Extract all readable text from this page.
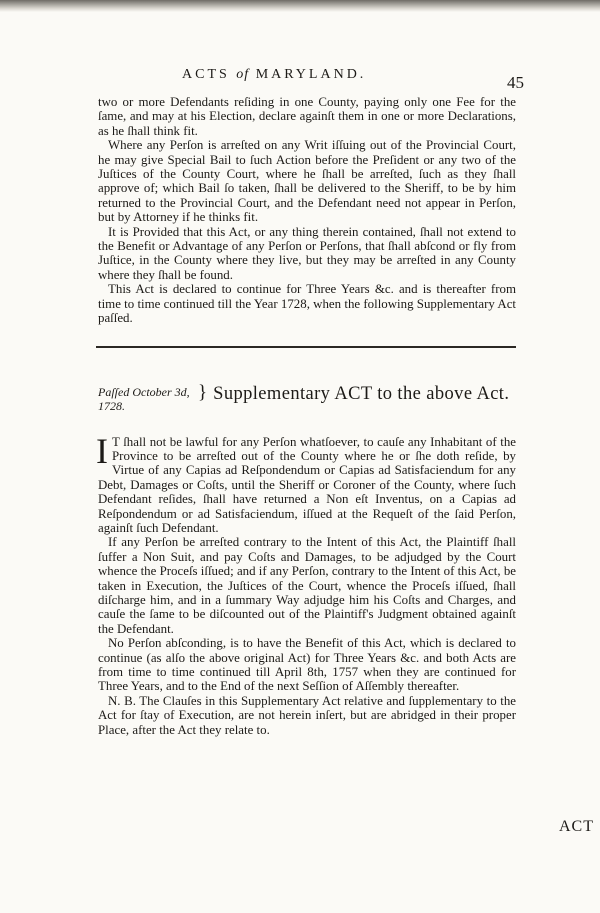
ACTS of MARYLAND.	45

two or more Defendants reſiding in one County, paying only one Fee for the ſame, and may at his Election, declare againſt them in one or more Declarations, as he ſhall think fit.

Where any Perſon is arreſted on any Writ iſſuing out of the Provincial Court, he may give Special Bail to ſuch Action before the Preſident or any two of the Juſtices of the County Court, where he ſhall be arreſted, ſuch as they ſhall approve of; which Bail ſo taken, ſhall be delivered to the Sheriff, to be by him returned to the Provincial Court, and the Defendant need not appear in Perſon, but by Attorney if he thinks fit.

It is Provided that this Act, or any thing therein contained, ſhall not extend to the Benefit or Advantage of any Perſon or Perſons, that ſhall abſcond or fly from Juſtice, in the County where they live, but they may be arreſted in any County where they ſhall be found.

This Act is declared to continue for Three Years &c. and is thereafter from time to time continued till the Year 1728, when the following Supplementary Act paſſed.

Paſſed October 3d, 1728.
} Supplementary ACT to the above Act.

I T ſhall not be lawful for any Perſon whatſoever, to cauſe any Inhabitant of the Province to be arreſted out of the County where he or ſhe doth reſide, by Virtue of any Capias ad Reſpondendum or Capias ad Satisfaciendum for any Debt, Damages or Coſts, until the Sheriff or Coroner of the County, where ſuch Defendant reſides, ſhall have returned a Non eſt Inventus, on a Capias ad Reſpondendum or ad Satisfaciendum, iſſued at the Requeſt of the ſaid Perſon, againſt ſuch Defendant.

If any Perſon be arreſted contrary to the Intent of this Act, the Plaintiff ſhall ſuffer a Non Suit, and pay Coſts and Damages, to be adjudged by the Court whence the Proceſs iſſued; and if any Perſon, contrary to the Intent of this Act, be taken in Execution, the Juſtices of the Court, whence the Proceſs iſſued, ſhall diſcharge him, and in a ſummary Way adjudge him his Coſts and Charges, and cauſe the ſame to be diſcounted out of the Plaintiff's Judgment obtained againſt the Defendant.

No Perſon abſconding, is to have the Benefit of this Act, which is declared to continue (as alſo the above original Act) for Three Years &c. and both Acts are from time to time continued till April 8th, 1757 when they are continued for Three Years, and to the End of the next Seſſion of Aſſembly thereafter.

N. B. The Clauſes in this Supplementary Act relative and ſupplementary to the Act for ſtay of Execution, are not herein inſert, but are abridged in their proper Place, after the Act they relate to.

ACT
